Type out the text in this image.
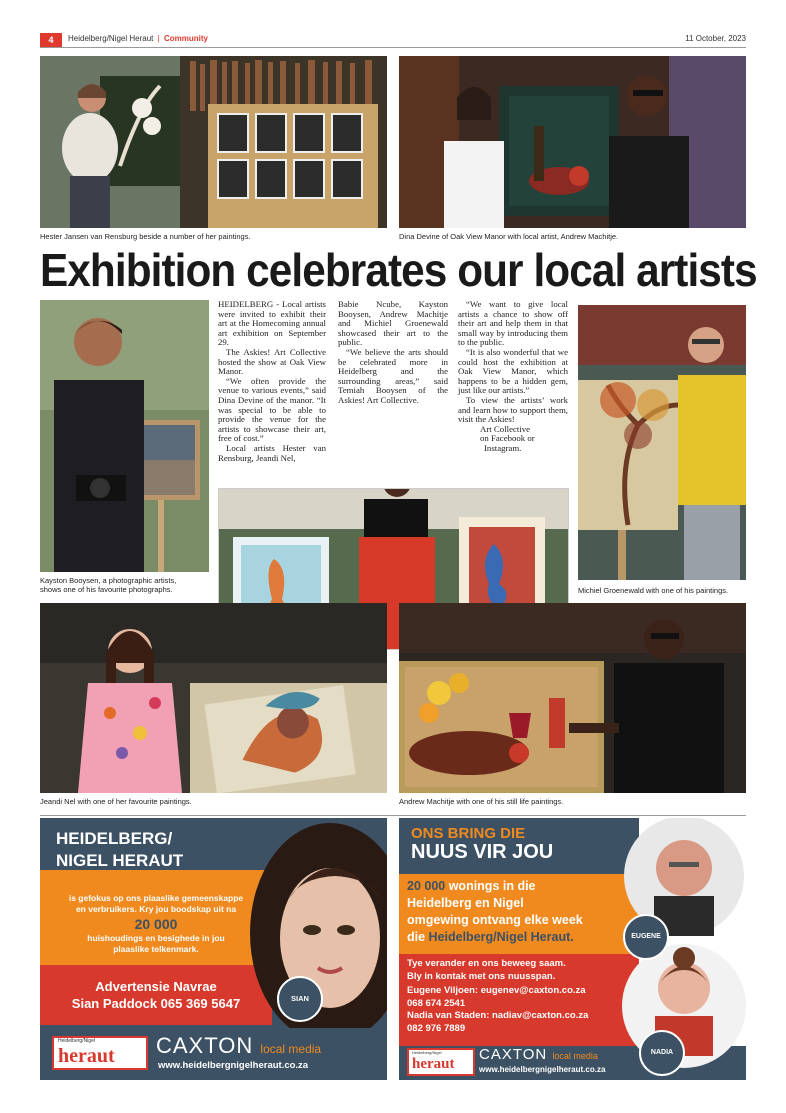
4	Heidelberg/Nigel Heraut | Community	11 October, 2023
Hester Jansen van Rensburg beside a number of her paintings.	Dina Devine of Oak View Manor with local artist, Andrew Machitje.
Exhibition celebrates our local artists
Kayston Booysen, a photographic artists,
shows one of his favourite photographs.

HEIDELBERG - Local artists were invited to exhibit their art at the Homecoming annual art exhibition on September 29.

The Askies! Art Collective hosted the show at Oak View Manor.

“We often provide the venue to various events,” said Dina Devine of the manor. “It was special to be able to provide the venue for the artists to showcase their art, free of cost.”

Local artists Hester van Rensburg, Jeandi Nel,

Babie Ncube, Kayston Booysen, Andrew Machitje and Michiel Groenewald showcased their art to the public.

“We believe the arts should be celebrated more in Heidelberg and the surrounding areas,” said Temiah Booysen of the Askies! Art Collective.

“We want to give local artists a chance to show off their art and help them in that small way by introducing them to the public.

“It is also wonderful that we could host the exhibition at Oak View Manor, which happens to be a hidden gem, just like our artists.”

To view the artists’ work and learn how to support them, visit the Askies!

Art Collective

on Facebook or

Instagram.

Michiel Groenewald with one of his paintings.
Jeandi Nel with one of her favourite paintings.	Andrew Machitje with one of his still life paintings.
HEIDELBERG/
NIGEL HERAUT
is gefokus op ons plaaslike gemeenskappe
en verbruikers. Kry jou boodskap uit na
20 000
huishoudings en besighede in jou
plaaslike telkenmark.
Advertensie Navrae
Sian Paddock 065 369 5647	SIAN
Heidelberg/Nigel
heraut	CAXTON local media
www.heidelbergnigelheraut.co.za
ONS BRING DIE
NUUS VIR JOU
20 000 wonings in die
Heidelberg en Nigel
omgewing ontvang elke week
die Heidelberg/Nigel Heraut.
Tye verander en ons beweeg saam.
Bly in kontak met ons nuusspan.
Eugene Viljoen: eugenev@caxton.co.za
068 674 2541
Nadia van Staden: nadiav@caxton.co.za
082 976 7889
EUGENE
NADIA
Heidelberg/Nigel
heraut
CAXTON local media
www.heidelbergnigelheraut.co.za
